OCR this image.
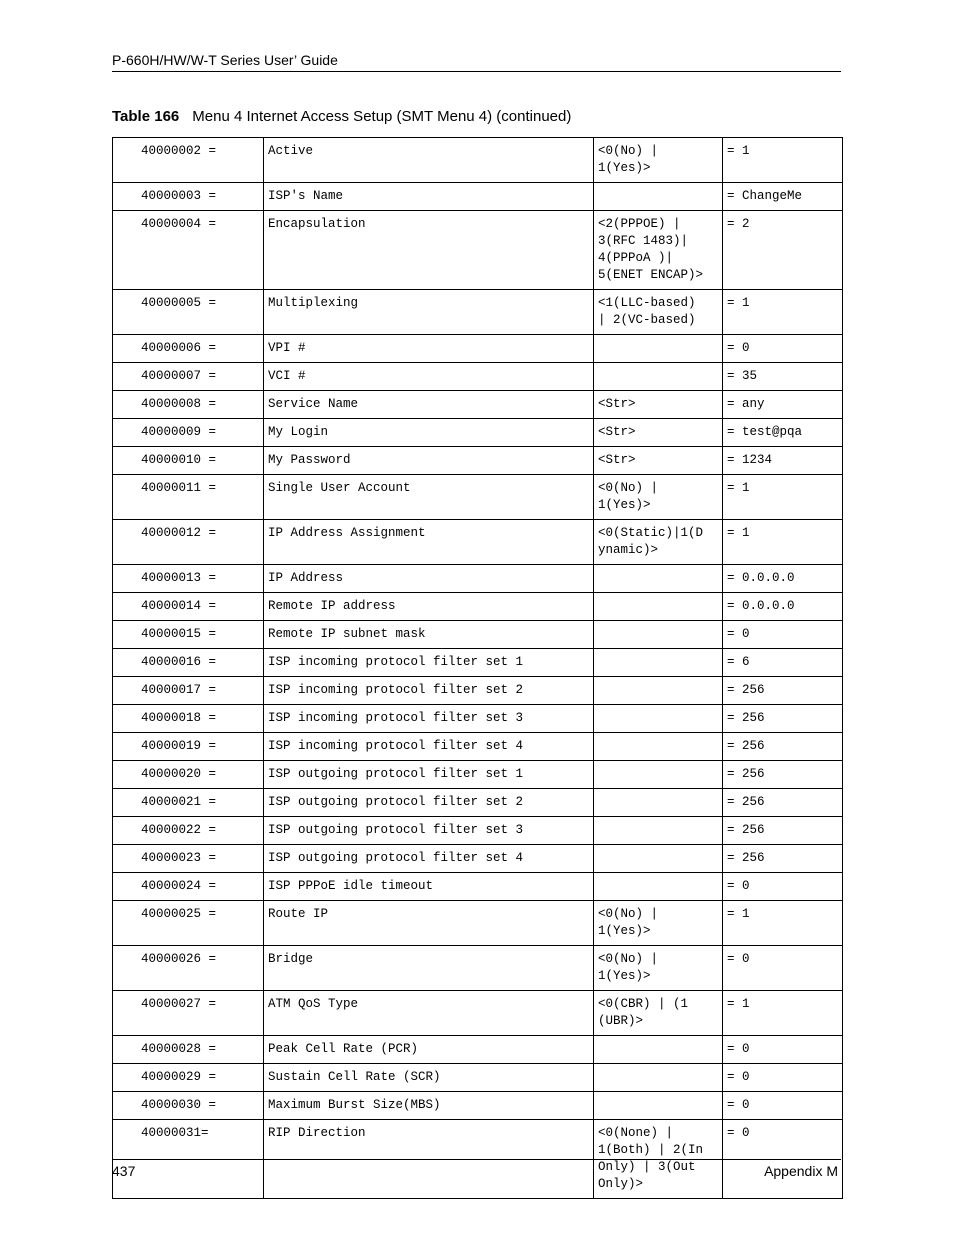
P-660H/HW/W-T Series User’ Guide
Table 166 Menu 4 Internet Access Setup (SMT Menu 4) (continued)
40000002 =	Active	<0(No) |
1(Yes)>	= 1
40000003 =	ISP's Name		= ChangeMe
40000004 =	Encapsulation	<2(PPPOE) |
3(RFC 1483)|
4(PPPoA )|
5(ENET ENCAP)>	= 2
40000005 =	Multiplexing	<1(LLC-based)
| 2(VC-based)	= 1
40000006 =	VPI #		= 0
40000007 =	VCI #		= 35
40000008 =	Service Name	<Str>	= any
40000009 =	My Login	<Str>	= test@pqa
40000010 =	My Password	<Str>	= 1234
40000011 =	Single User Account	<0(No) |
1(Yes)>	= 1
40000012 =	IP Address Assignment	<0(Static)|1(D
ynamic)>	= 1
40000013 =	IP Address		= 0.0.0.0
40000014 =	Remote IP address		= 0.0.0.0
40000015 =	Remote IP subnet mask		= 0
40000016 =	ISP incoming protocol filter set 1		= 6
40000017 =	ISP incoming protocol filter set 2		= 256
40000018 =	ISP incoming protocol filter set 3		= 256
40000019 =	ISP incoming protocol filter set 4		= 256
40000020 =	ISP outgoing protocol filter set 1		= 256
40000021 =	ISP outgoing protocol filter set 2		= 256
40000022 =	ISP outgoing protocol filter set 3		= 256
40000023 =	ISP outgoing protocol filter set 4		= 256
40000024 =	ISP PPPoE idle timeout		= 0
40000025 =	Route IP	<0(No) |
1(Yes)>	= 1
40000026 =	Bridge	<0(No) |
1(Yes)>	= 0
40000027 =	ATM QoS Type	<0(CBR) | (1
(UBR)>	= 1
40000028 =	Peak Cell Rate (PCR)		= 0
40000029 =	Sustain Cell Rate (SCR)		= 0
40000030 =	Maximum Burst Size(MBS)		= 0
40000031=	RIP Direction	<0(None) |
1(Both) | 2(In
Only) | 3(Out
Only)>	= 0
437	Appendix M
